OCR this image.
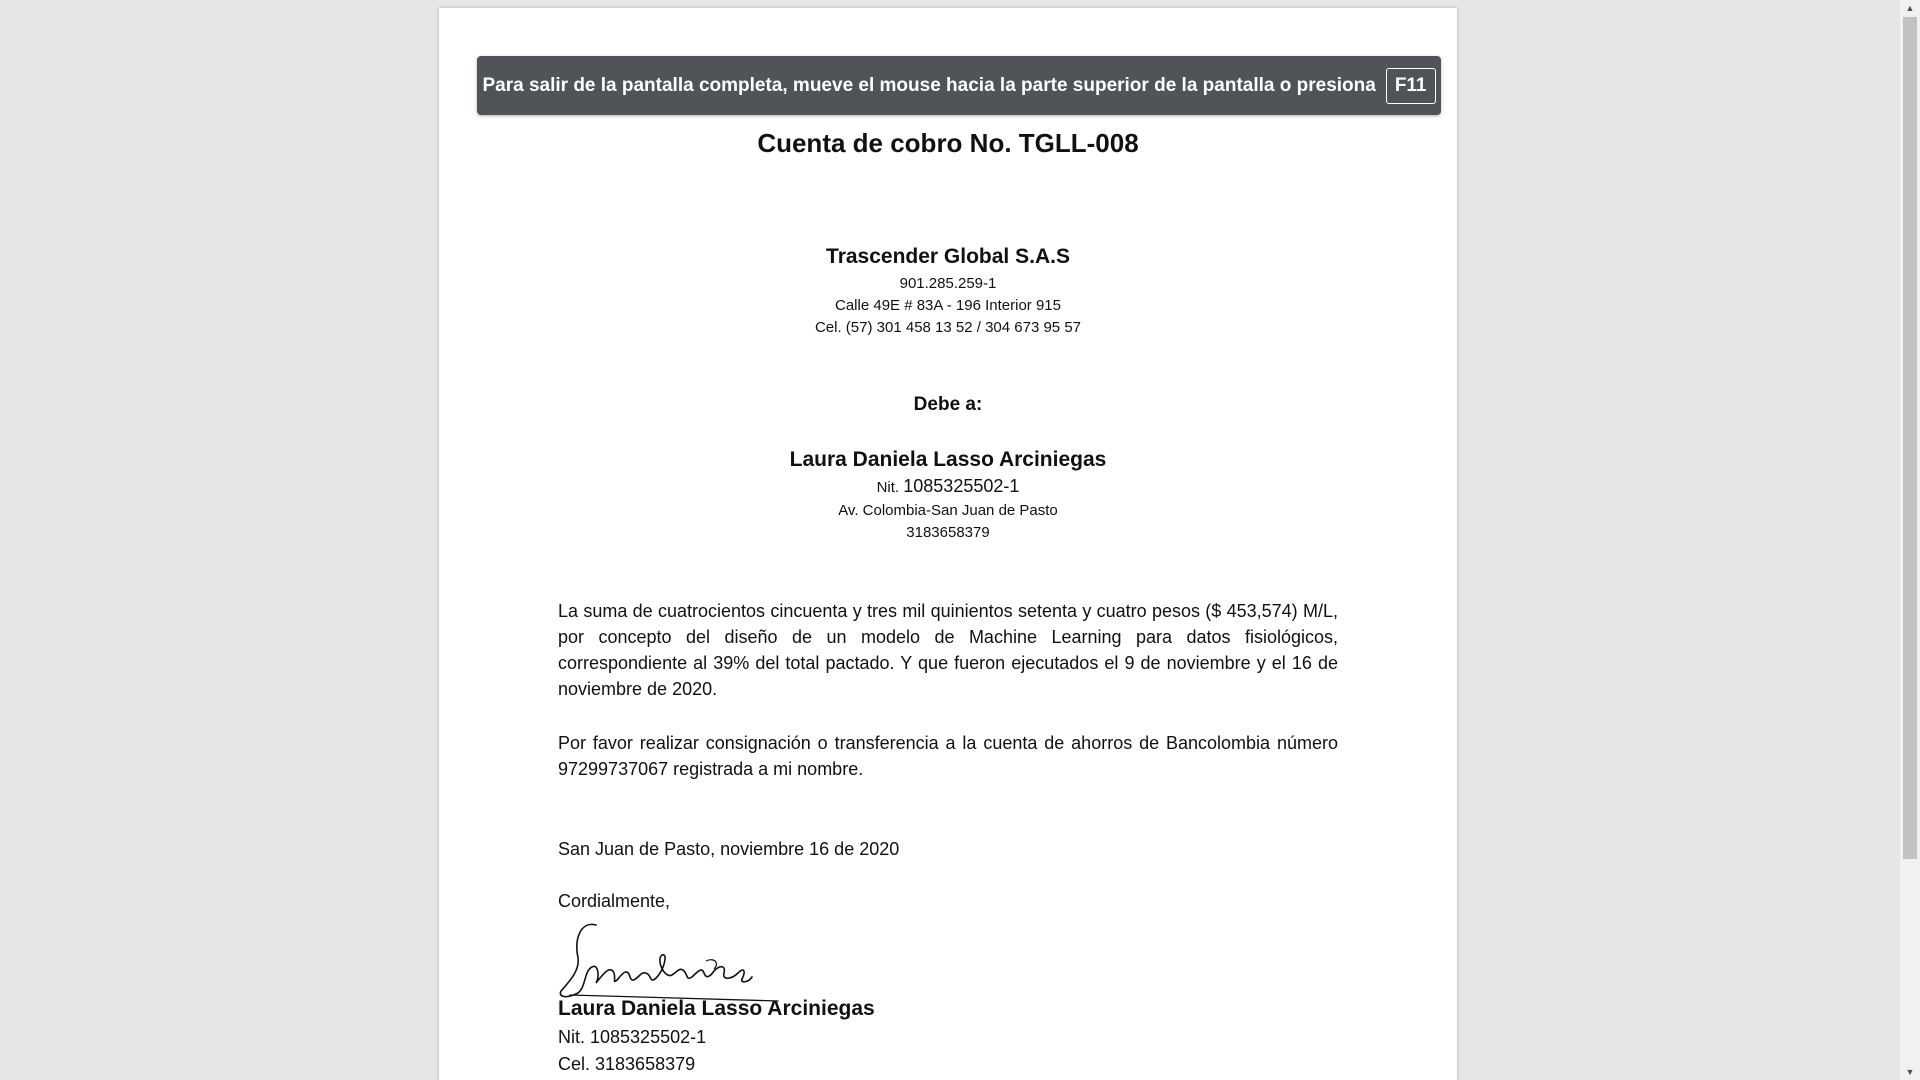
Para salir de la pantalla completa, mueve el mouse hacia la parte superior de la pantalla o presiona	F11
Cuenta de cobro No. TGLL-008
Trascender Global S.A.S
901.285.259-1
Calle 49E # 83A - 196 Interior 915
Cel. (57) 301 458 13 52 / 304 673 95 57
Debe a:
Laura Daniela Lasso Arciniegas
Nit. 1085325502-1
Av. Colombia-San Juan de Pasto
3183658379
La suma de cuatrocientos cincuenta y tres mil quinientos setenta y cuatro pesos ($ 453,574) M/L, por concepto del diseño de un modelo de Machine Learning para datos fisiológicos, correspondiente al 39% del total pactado. Y que fueron ejecutados el 9 de noviembre y el 16 de noviembre de 2020.
Por favor realizar consignación o transferencia a la cuenta de ahorros de Bancolombia número 97299737067 registrada a mi nombre.
San Juan de Pasto, noviembre 16 de 2020
Cordialmente,
Laura Daniela Lasso Arciniegas
Nit. 1085325502-1
Cel. 3183658379
▲
▼
